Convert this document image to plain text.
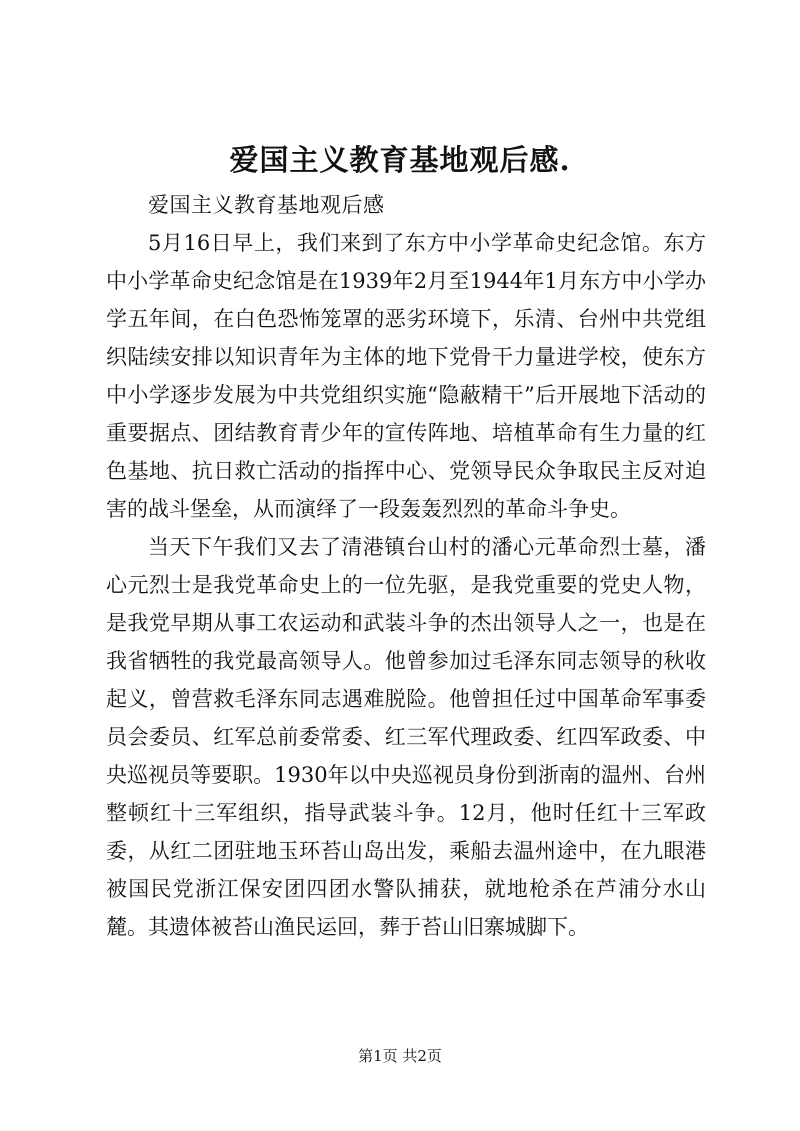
爱国主义教育基地观后感.

爱国主义教育基地观后感

5月16日早上，我们来到了东方中小学革命史纪念馆。东方中小学革命史纪念馆是在1939年2月至1944年1月东方中小学办学五年间，在白色恐怖笼罩的恶劣环境下，乐清、台州中共党组织陆续安排以知识青年为主体的地下党骨干力量进学校，使东方中小学逐步发展为中共党组织实施“隐蔽精干”后开展地下活动的重要据点、团结教育青少年的宣传阵地、培植革命有生力量的红色基地、抗日救亡活动的指挥中心、党领导民众争取民主反对迫害的战斗堡垒，从而演绎了一段轰轰烈烈的革命斗争史。

当天下午我们又去了清港镇台山村的潘心元革命烈士墓，潘心元烈士是我党革命史上的一位先驱，是我党重要的党史人物，是我党早期从事工农运动和武装斗争的杰出领导人之一，也是在我省牺牲的我党最高领导人。他曾参加过毛泽东同志领导的秋收起义，曾营救毛泽东同志遇难脱险。他曾担任过中国革命军事委员会委员、红军总前委常委、红三军代理政委、红四军政委、中央巡视员等要职。1930年以中央巡视员身份到浙南的温州、台州整顿红十三军组织，指导武装斗争。12月，他时任红十三军政委，从红二团驻地玉环苔山岛出发，乘船去温州途中，在九眼港被国民党浙江保安团四团水警队捕获，就地枪杀在芦浦分水山麓。其遗体被苔山渔民运回，葬于苔山旧寨城脚下。

第1页 共2页
